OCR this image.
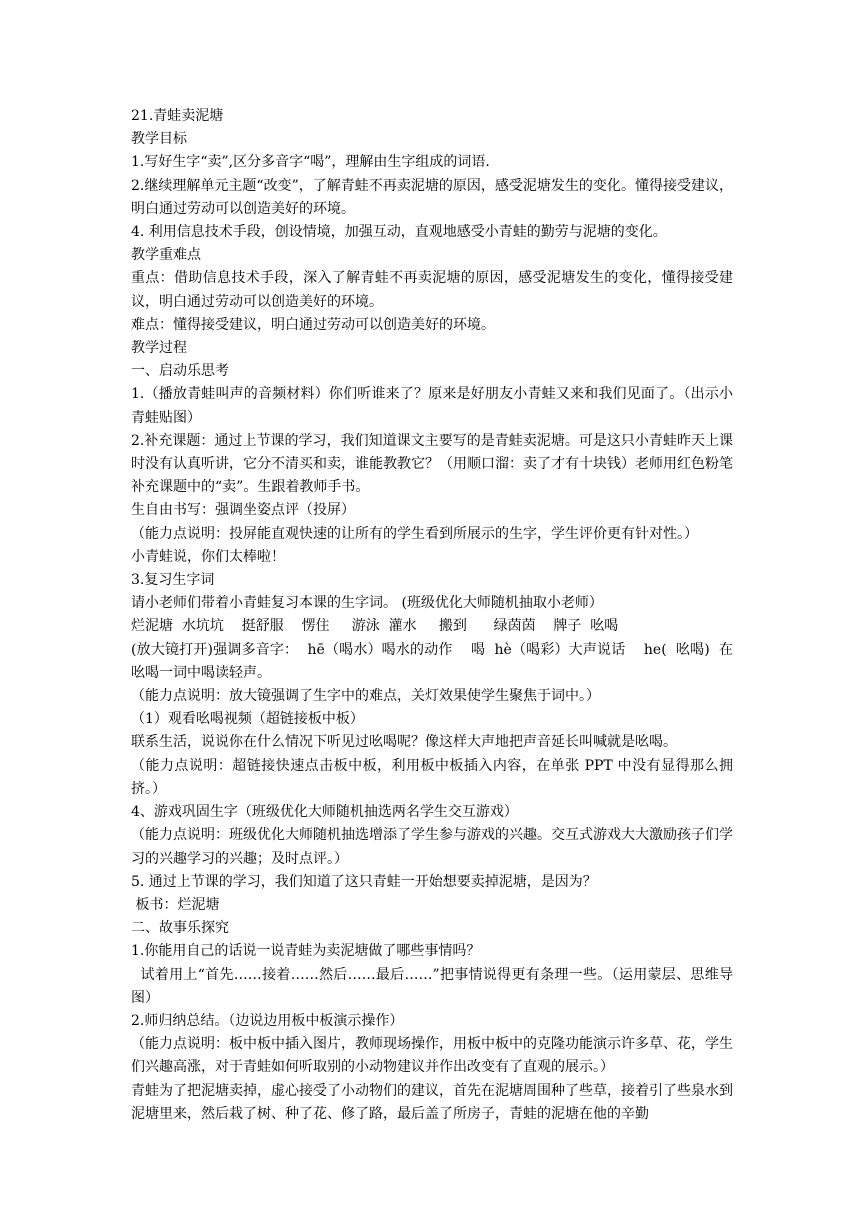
21.青蛙卖泥塘

教学目标

1.写好生字“卖”,区分多音字“喝”，理解由生字组成的词语.

2.继续理解单元主题“改变”，了解青蛙不再卖泥塘的原因，感受泥塘发生的变化。懂得接受建议，明白通过劳动可以创造美好的环境。

4. 利用信息技术手段，创设情境，加强互动，直观地感受小青蛙的勤劳与泥塘的变化。

教学重难点

重点：借助信息技术手段，深入了解青蛙不再卖泥塘的原因，感受泥塘发生的变化，懂得接受建议，明白通过劳动可以创造美好的环境。

难点：懂得接受建议，明白通过劳动可以创造美好的环境。

教学过程

一、启动乐思考

1.（播放青蛙叫声的音频材料）你们听谁来了？原来是好朋友小青蛙又来和我们见面了。（出示小青蛙贴图）

2.补充课题：通过上节课的学习，我们知道课文主要写的是青蛙卖泥塘。可是这只小青蛙昨天上课时没有认真听讲，它分不清买和卖，谁能教教它？（用顺口溜：卖了才有十块钱）老师用红色粉笔补充课题中的“卖”。生跟着教师手书。

生自由书写：强调坐姿点评（投屏）

（能力点说明：投屏能直观快速的让所有的学生看到所展示的生字，学生评价更有针对性。）

小青蛙说，你们太棒啦！

3.复习生字词

请小老师们带着小青蛙复习本课的生字词。 (班级优化大师随机抽取小老师）

烂泥塘  水坑坑    挺舒服    愣住     游泳  灌水     搬到      绿茵茵    牌子  吆喝

(放大镜打开)强调多音字：  hē（喝水）喝水的动作    喝  hè（喝彩）大声说话    he(  吆喝)  在吆喝一词中喝读轻声。

（能力点说明：放大镜强调了生字中的难点，关灯效果使学生聚焦于词中。）

（1）观看吆喝视频（超链接板中板）

联系生活，说说你在什么情况下听见过吆喝呢？像这样大声地把声音延长叫喊就是吆喝。

（能力点说明：超链接快速点击板中板，利用板中板插入内容，在单张 PPT 中没有显得那么拥挤。）

4、游戏巩固生字（班级优化大师随机抽选两名学生交互游戏）

（能力点说明：班级优化大师随机抽选增添了学生参与游戏的兴趣。交互式游戏大大激励孩子们学习的兴趣学习的兴趣；及时点评。）

5. 通过上节课的学习，我们知道了这只青蛙一开始想要卖掉泥塘，是因为？

板书：烂泥塘

二、故事乐探究

1.你能用自己的话说一说青蛙为卖泥塘做了哪些事情吗？

试着用上“首先……接着……然后……最后……”把事情说得更有条理一些。（运用蒙层、思维导图）

2.师归纳总结。（边说边用板中板演示操作）

（能力点说明：板中板中插入图片，教师现场操作，用板中板中的克隆功能演示许多草、花，学生们兴趣高涨，对于青蛙如何听取别的小动物建议并作出改变有了直观的展示。）

青蛙为了把泥塘卖掉，虚心接受了小动物们的建议，首先在泥塘周围种了些草，接着引了些泉水到泥塘里来，然后栽了树、种了花、修了路，最后盖了所房子，青蛙的泥塘在他的辛勤
